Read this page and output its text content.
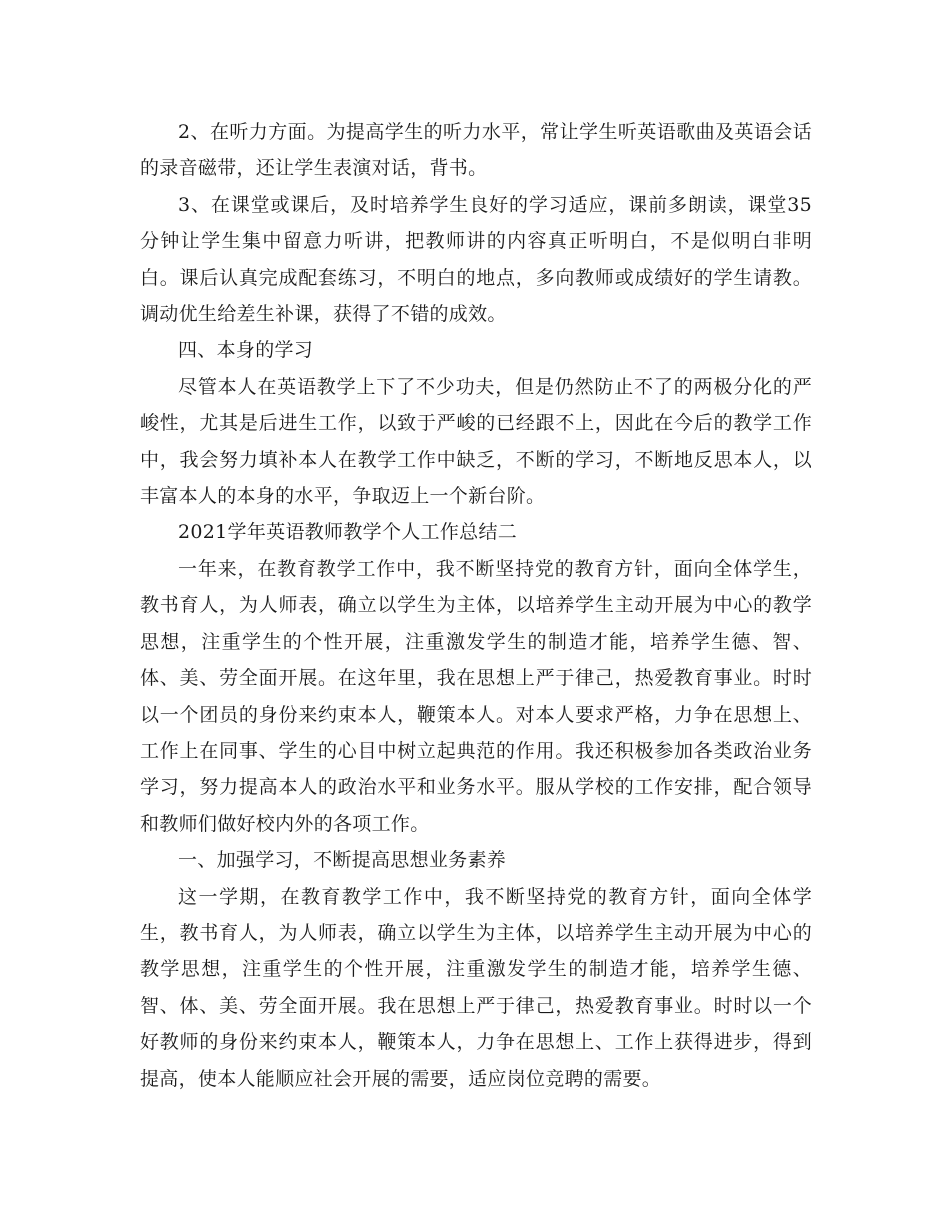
2、在听力方面。为提高学生的听力水平，常让学生听英语歌曲及英语会话的录音磁带，还让学生表演对话，背书。

3、在课堂或课后，及时培养学生良好的学习适应，课前多朗读，课堂35分钟让学生集中留意力听讲，把教师讲的内容真正听明白，不是似明白非明白。课后认真完成配套练习，不明白的地点，多向教师或成绩好的学生请教。调动优生给差生补课，获得了不错的成效。

四、本身的学习

尽管本人在英语教学上下了不少功夫，但是仍然防止不了的两极分化的严峻性，尤其是后进生工作，以致于严峻的已经跟不上，因此在今后的教学工作中，我会努力填补本人在教学工作中缺乏，不断的学习，不断地反思本人，以丰富本人的本身的水平，争取迈上一个新台阶。

2021学年英语教师教学个人工作总结二

一年来，在教育教学工作中，我不断坚持党的教育方针，面向全体学生，教书育人，为人师表，确立以学生为主体，以培养学生主动开展为中心的教学思想，注重学生的个性开展，注重激发学生的制造才能，培养学生德、智、体、美、劳全面开展。在这年里，我在思想上严于律己，热爱教育事业。时时以一个团员的身份来约束本人，鞭策本人。对本人要求严格，力争在思想上、工作上在同事、学生的心目中树立起典范的作用。我还积极参加各类政治业务学习，努力提高本人的政治水平和业务水平。服从学校的工作安排，配合领导和教师们做好校内外的各项工作。

一、加强学习，不断提高思想业务素养

这一学期，在教育教学工作中，我不断坚持党的教育方针，面向全体学生，教书育人，为人师表，确立以学生为主体，以培养学生主动开展为中心的教学思想，注重学生的个性开展，注重激发学生的制造才能，培养学生德、智、体、美、劳全面开展。我在思想上严于律己，热爱教育事业。时时以一个好教师的身份来约束本人，鞭策本人，力争在思想上、工作上获得进步，得到提高，使本人能顺应社会开展的需要，适应岗位竞聘的需要。
